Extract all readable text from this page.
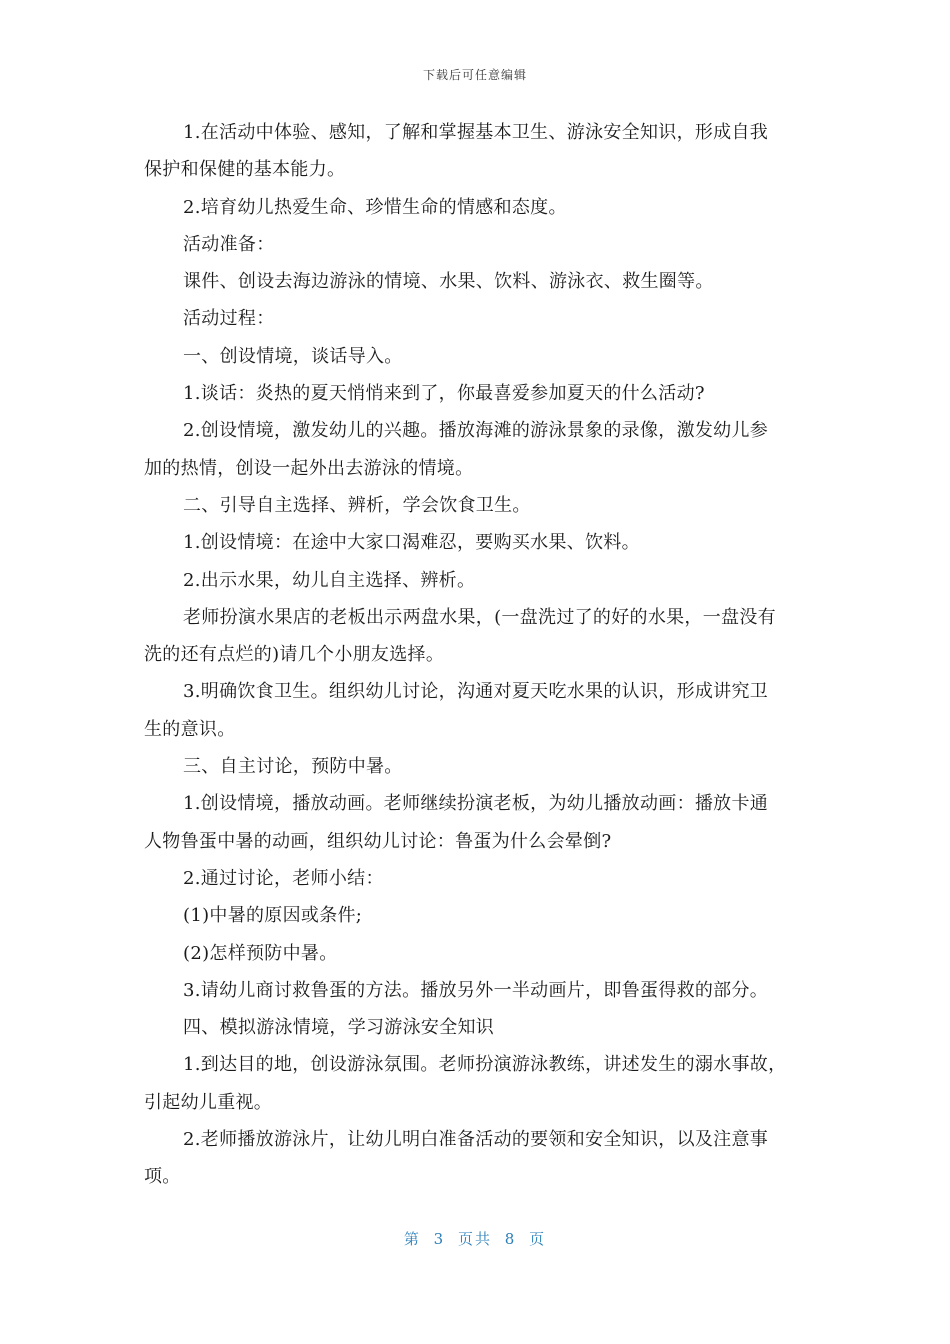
下载后可任意编辑

1.在活动中体验、感知，了解和掌握基本卫生、游泳安全知识，形成自我

保护和保健的基本能力。

2.培育幼儿热爱生命、珍惜生命的情感和态度。

活动准备：

课件、创设去海边游泳的情境、水果、饮料、游泳衣、救生圈等。

活动过程：

一、创设情境，谈话导入。

1.谈话：炎热的夏天悄悄来到了，你最喜爱参加夏天的什么活动?

2.创设情境，激发幼儿的兴趣。播放海滩的游泳景象的录像，激发幼儿参

加的热情，创设一起外出去游泳的情境。

二、引导自主选择、辨析，学会饮食卫生。

1.创设情境：在途中大家口渴难忍，要购买水果、饮料。

2.出示水果，幼儿自主选择、辨析。

老师扮演水果店的老板出示两盘水果，(一盘洗过了的好的水果，一盘没有

洗的还有点烂的)请几个小朋友选择。

3.明确饮食卫生。组织幼儿讨论，沟通对夏天吃水果的认识，形成讲究卫

生的意识。

三、自主讨论，预防中暑。

1.创设情境，播放动画。老师继续扮演老板，为幼儿播放动画：播放卡通

人物鲁蛋中暑的动画，组织幼儿讨论：鲁蛋为什么会晕倒?

2.通过讨论，老师小结：

(1)中暑的原因或条件;

(2)怎样预防中暑。

3.请幼儿商讨救鲁蛋的方法。播放另外一半动画片，即鲁蛋得救的部分。

四、模拟游泳情境，学习游泳安全知识

1.到达目的地，创设游泳氛围。老师扮演游泳教练，讲述发生的溺水事故，

引起幼儿重视。

2.老师播放游泳片，让幼儿明白准备活动的要领和安全知识，以及注意事

项。

第 3 页共 8 页
